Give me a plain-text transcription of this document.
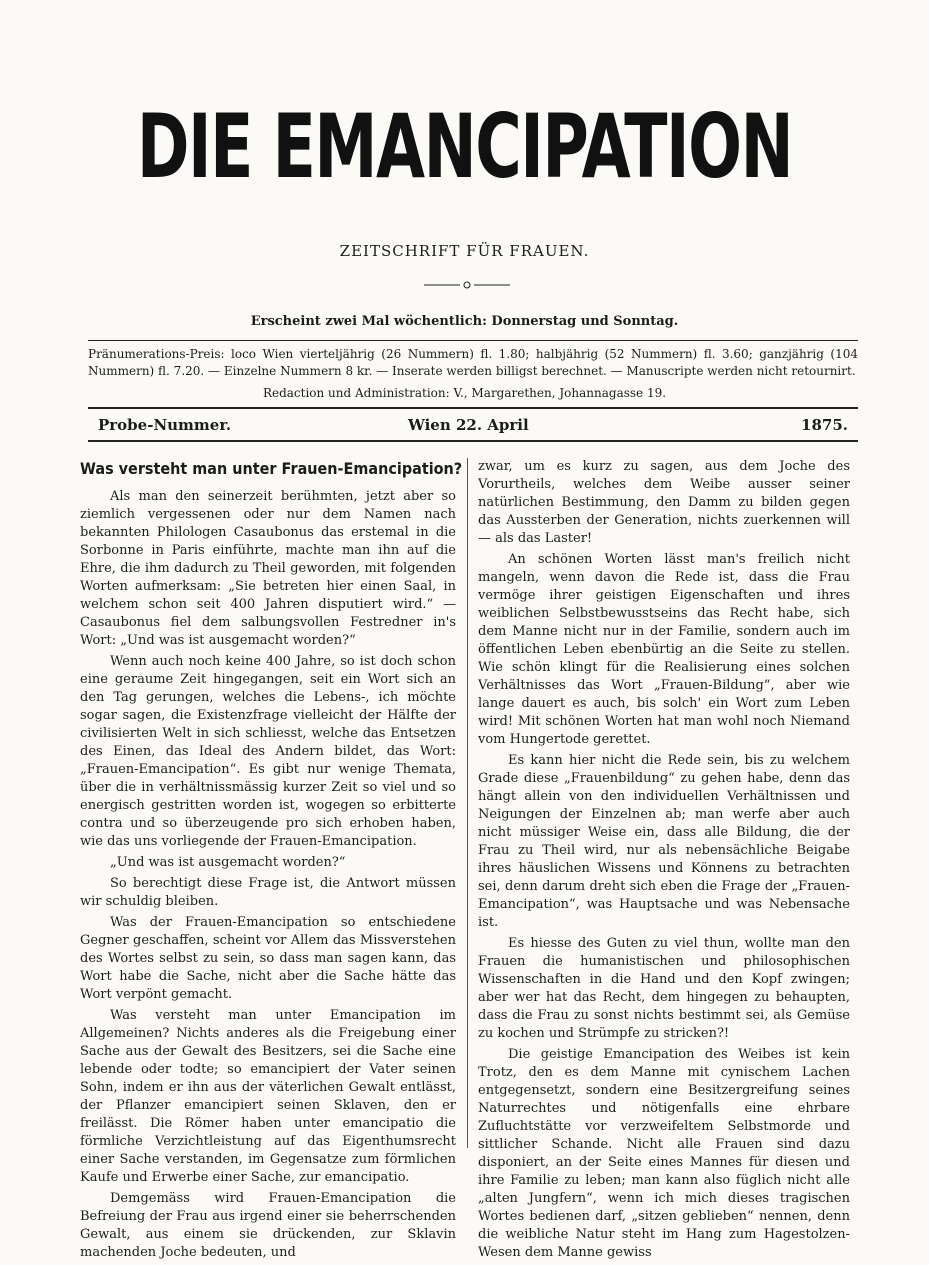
DIE EMANCIPATION
ZEITSCHRIFT FÜR FRAUEN.
Erscheint zwei Mal wöchentlich: Donnerstag und Sonntag.
Pränumerations-Preis: loco Wien vierteljährig (26 Nummern) fl. 1.80; halbjährig (52 Nummern) fl. 3.60; ganzjährig (104 Nummern) fl. 7.20. — Einzelne Nummern 8 kr. — Inserate werden billigst berechnet. — Manuscripte werden nicht retournirt.
Redaction und Administration: V., Margarethen, Johannagasse 19.
Probe-Nummer.	Wien 22. April	1875.
Was versteht man unter Frauen-Emancipation?

Als man den seinerzeit berühmten, jetzt aber so ziemlich vergessenen oder nur dem Namen nach bekannten Philologen Casaubonus das erstemal in die Sorbonne in Paris einführte, machte man ihn auf die Ehre, die ihm dadurch zu Theil geworden, mit folgenden Worten aufmerksam: „Sie betreten hier einen Saal, in welchem schon seit 400 Jahren disputiert wird.“ — Casaubonus fiel dem salbungsvollen Festredner in's Wort: „Und was ist ausgemacht worden?“

Wenn auch noch keine 400 Jahre, so ist doch schon eine geraume Zeit hingegangen, seit ein Wort sich an den Tag gerungen, welches die Lebens-, ich möchte sogar sagen, die Existenzfrage vielleicht der Hälfte der civilisierten Welt in sich schliesst, welche das Entsetzen des Einen, das Ideal des Andern bildet, das Wort: „Frauen-Emancipation“. Es gibt nur wenige Themata, über die in verhältnissmässig kurzer Zeit so viel und so energisch gestritten worden ist, wogegen so erbitterte contra und so überzeugende pro sich erhoben haben, wie das uns vorliegende der Frauen-Emancipation.

„Und was ist ausgemacht worden?“

So berechtigt diese Frage ist, die Antwort müssen wir schuldig bleiben.

Was der Frauen-Emancipation so entschiedene Gegner geschaffen, scheint vor Allem das Missverstehen des Wortes selbst zu sein, so dass man sagen kann, das Wort habe die Sache, nicht aber die Sache hätte das Wort verpönt gemacht.

Was versteht man unter Emancipation im Allgemeinen? Nichts anderes als die Freigebung einer Sache aus der Gewalt des Besitzers, sei die Sache eine lebende oder todte; so emancipiert der Vater seinen Sohn, indem er ihn aus der väterlichen Gewalt entlässt, der Pflanzer emancipiert seinen Sklaven, den er freilässt. Die Römer haben unter emancipatio die förmliche Verzichtleistung auf das Eigenthumsrecht einer Sache verstanden, im Gegensatze zum förmlichen Kaufe und Erwerbe einer Sache, zur emancipatio.

Demgemäss wird Frauen-Emancipation die Befreiung der Frau aus irgend einer sie beherrschenden Gewalt, aus einem sie drückenden, zur Sklavin machenden Joche bedeuten, und

zwar, um es kurz zu sagen, aus dem Joche des Vorurtheils, welches dem Weibe ausser seiner natürlichen Bestimmung, den Damm zu bilden gegen das Aussterben der Generation, nichts zuerkennen will — als das Laster!

An schönen Worten lässt man's freilich nicht mangeln, wenn davon die Rede ist, dass die Frau vermöge ihrer geistigen Eigenschaften und ihres weiblichen Selbstbewusstseins das Recht habe, sich dem Manne nicht nur in der Familie, sondern auch im öffentlichen Leben ebenbürtig an die Seite zu stellen. Wie schön klingt für die Realisierung eines solchen Verhältnisses das Wort „Frauen-Bildung“, aber wie lange dauert es auch, bis solch' ein Wort zum Leben wird! Mit schönen Worten hat man wohl noch Niemand vom Hungertode gerettet.

Es kann hier nicht die Rede sein, bis zu welchem Grade diese „Frauenbildung“ zu gehen habe, denn das hängt allein von den individuellen Verhältnissen und Neigungen der Einzelnen ab; man werfe aber auch nicht müssiger Weise ein, dass alle Bildung, die der Frau zu Theil wird, nur als nebensächliche Beigabe ihres häuslichen Wissens und Könnens zu betrachten sei, denn darum dreht sich eben die Frage der „Frauen-Emancipation“, was Hauptsache und was Nebensache ist.

Es hiesse des Guten zu viel thun, wollte man den Frauen die humanistischen und philosophischen Wissenschaften in die Hand und den Kopf zwingen; aber wer hat das Recht, dem hingegen zu behaupten, dass die Frau zu sonst nichts bestimmt sei, als Gemüse zu kochen und Strümpfe zu stricken?!

Die geistige Emancipation des Weibes ist kein Trotz, den es dem Manne mit cynischem Lachen entgegensetzt, sondern eine Besitzergreifung seines Naturrechtes und nötigenfalls eine ehrbare Zufluchtstätte vor verzweifeltem Selbstmorde und sittlicher Schande. Nicht alle Frauen sind dazu disponiert, an der Seite eines Mannes für diesen und ihre Familie zu leben; man kann also füglich nicht alle „alten Jungfern“, wenn ich mich dieses tragischen Wortes bedienen darf, „sitzen geblieben“ nennen, denn die weibliche Natur steht im Hang zum Hagestolzen-Wesen dem Manne gewiss
